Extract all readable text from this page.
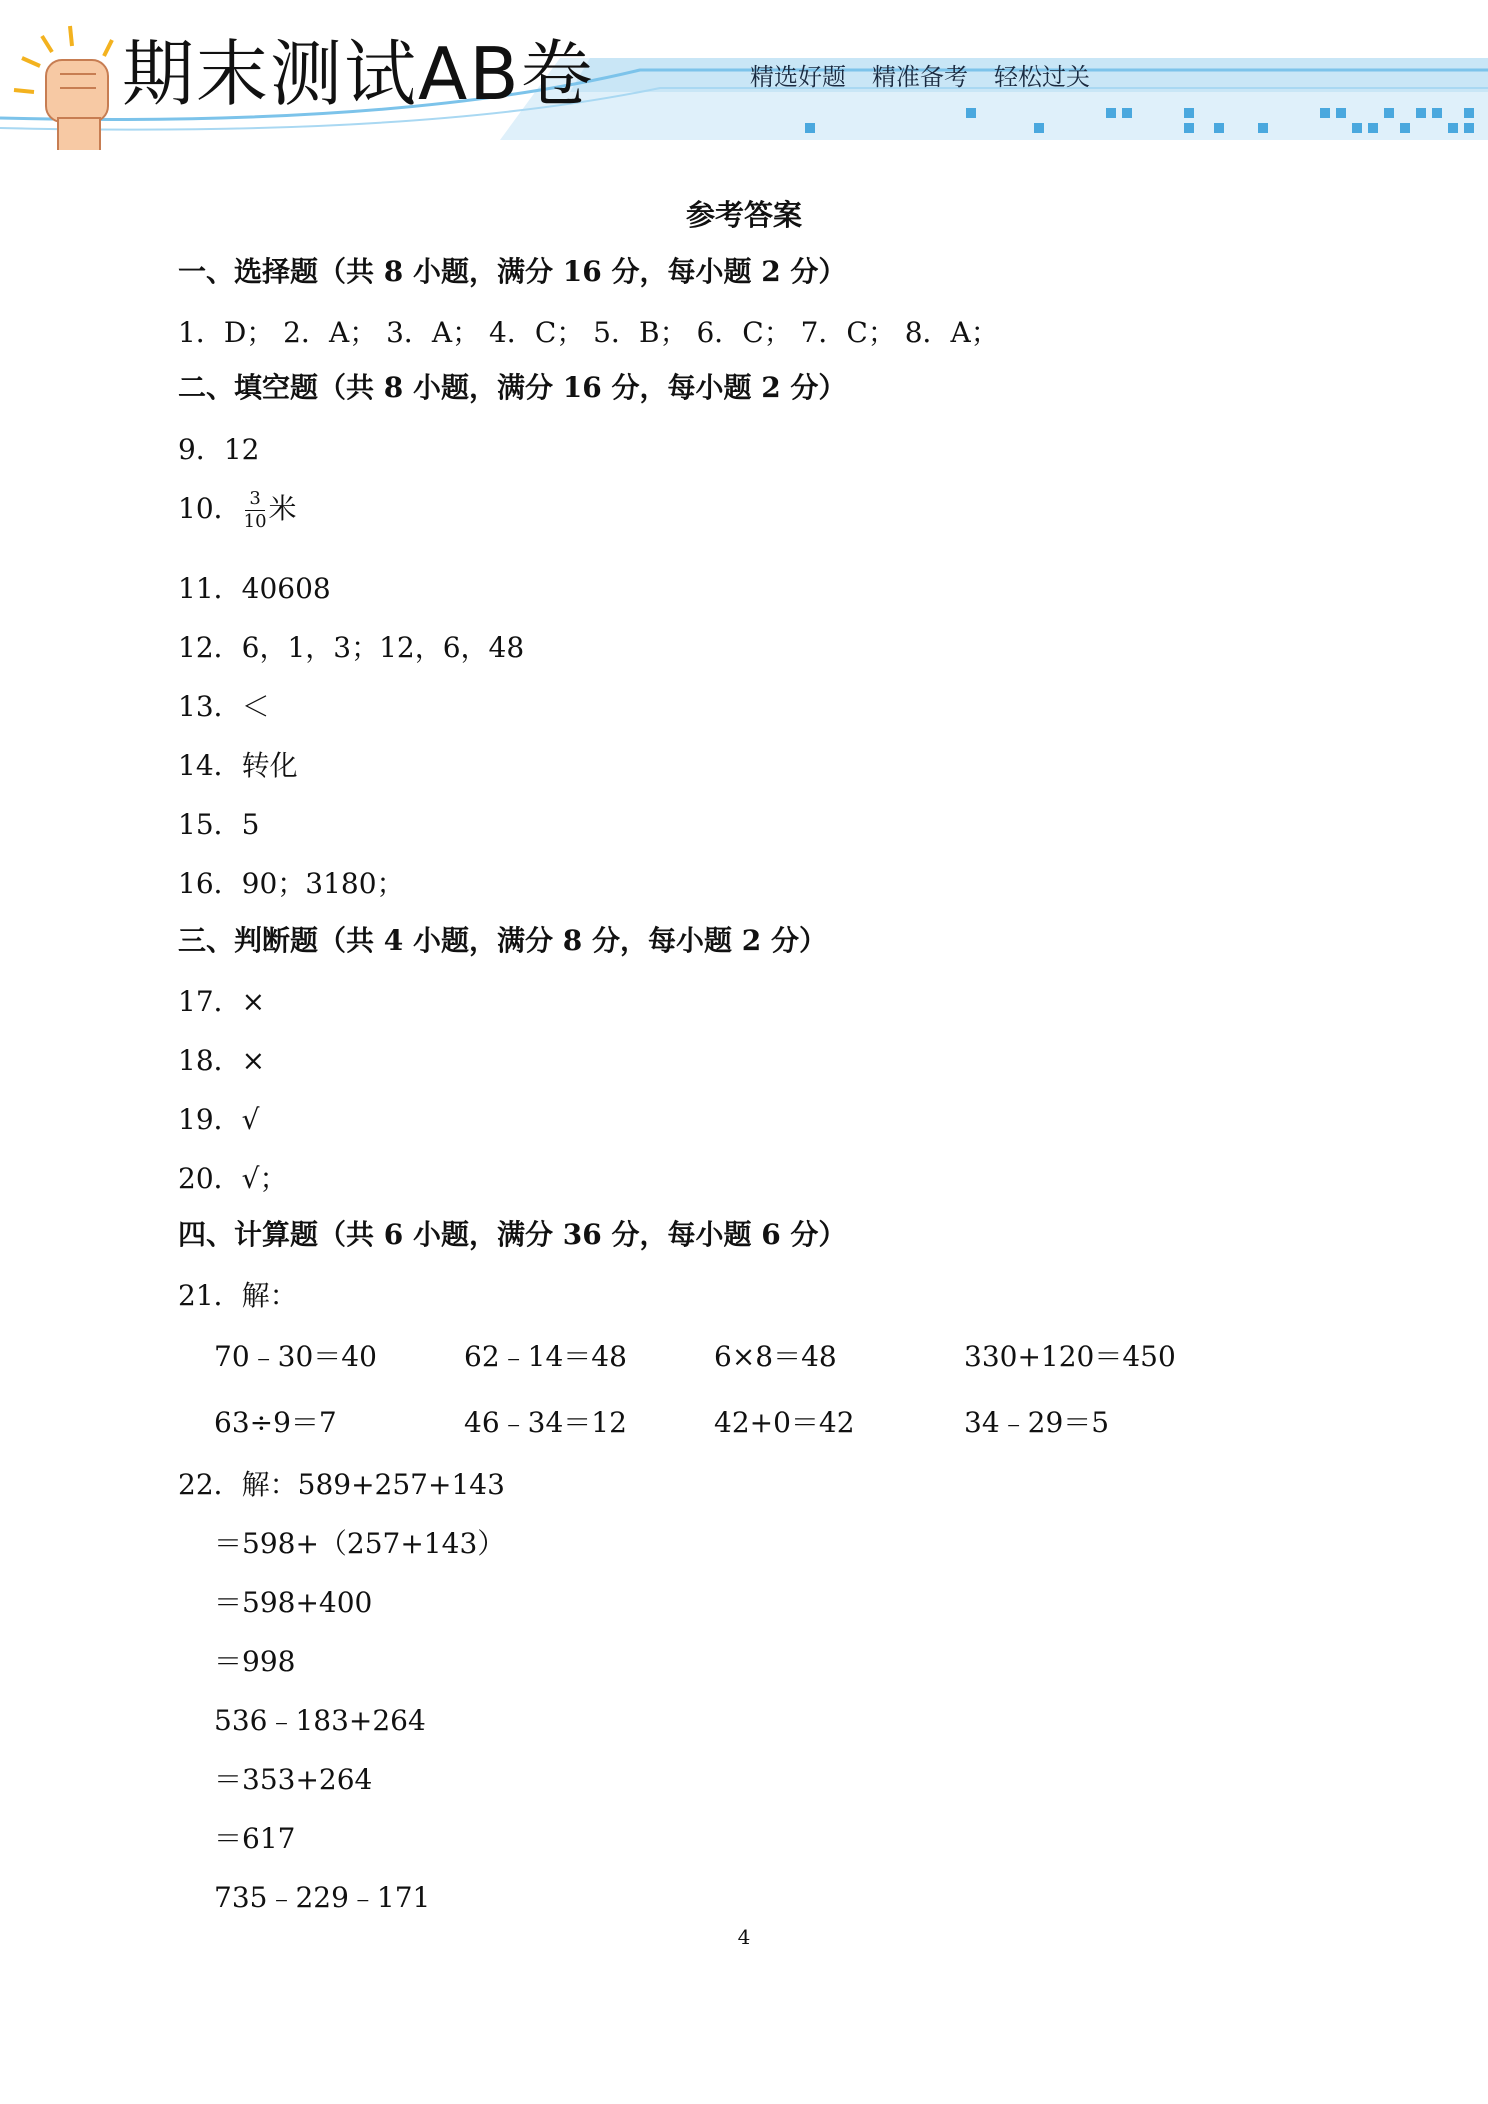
期末测试AB卷	精选好题 精准备考 轻松过关
参考答案
一、选择题（共 8 小题，满分 16 分，每小题 2 分）
1．D； 2．A； 3．A； 4．C； 5．B； 6．C； 7．C； 8．A；
二、填空题（共 8 小题，满分 16 分，每小题 2 分）
9．12
10． $\frac{3}{10}$ 米
11．40608
12．6，1，3；12，6，48
13．＜
14．转化
15．5
16．90；3180；
三、判断题（共 4 小题，满分 8 分，每小题 2 分）
17．×
18．×
19．√
20．√；
四、计算题（共 6 小题，满分 36 分，每小题 6 分）
21．解：
70﹣30＝40	62﹣14＝48	6×8＝48	330+120＝450
63÷9＝7	46﹣34＝12	42+0＝42	34﹣29＝5
22．解：589+257+143
＝598+（257+143）
＝598+400
＝998
536﹣183+264
＝353+264
＝617
735﹣229﹣171
4
